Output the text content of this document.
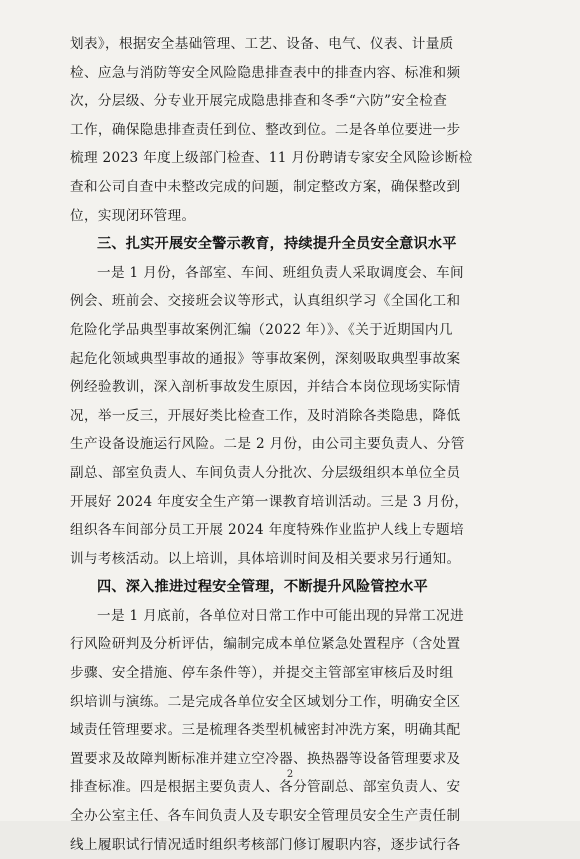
划表》，根据安全基础管理、工艺、设备、电气、仪表、计量质
检、应急与消防等安全风险隐患排查表中的排查内容、标准和频
次，分层级、分专业开展完成隐患排查和冬季“六防”安全检查
工作，确保隐患排查责任到位、整改到位。二是各单位要进一步
梳理 2023 年度上级部门检查、11 月份聘请专家安全风险诊断检
查和公司自查中未整改完成的问题，制定整改方案，确保整改到
位，实现闭环管理。
三、扎实开展安全警示教育，持续提升全员安全意识水平
一是 1 月份，各部室、车间、班组负责人采取调度会、车间
例会、班前会、交接班会议等形式，认真组织学习《全国化工和
危险化学品典型事故案例汇编（2022 年）》、《关于近期国内几
起危化领域典型事故的通报》等事故案例，深刻吸取典型事故案
例经验教训，深入剖析事故发生原因，并结合本岗位现场实际情
况，举一反三，开展好类比检查工作，及时消除各类隐患，降低
生产设备设施运行风险。二是 2 月份，由公司主要负责人、分管
副总、部室负责人、车间负责人分批次、分层级组织本单位全员
开展好 2024 年度安全生产第一课教育培训活动。三是 3 月份，
组织各车间部分员工开展 2024 年度特殊作业监护人线上专题培
训与考核活动。以上培训，具体培训时间及相关要求另行通知。
四、深入推进过程安全管理，不断提升风险管控水平
一是 1 月底前，各单位对日常工作中可能出现的异常工况进
行风险研判及分析评估，编制完成本单位紧急处置程序（含处置
步骤、安全措施、停车条件等），并提交主管部室审核后及时组
织培训与演练。二是完成各单位安全区域划分工作，明确安全区
域责任管理要求。三是梳理各类型机械密封冲洗方案，明确其配
置要求及故障判断标准并建立空冷器、换热器等设备管理要求及
排查标准。四是根据主要负责人、各分管副总、部室负责人、安
全办公室主任、各车间负责人及专职安全管理员安全生产责任制
线上履职试行情况适时组织考核部门修订履职内容，逐步试行各
2
